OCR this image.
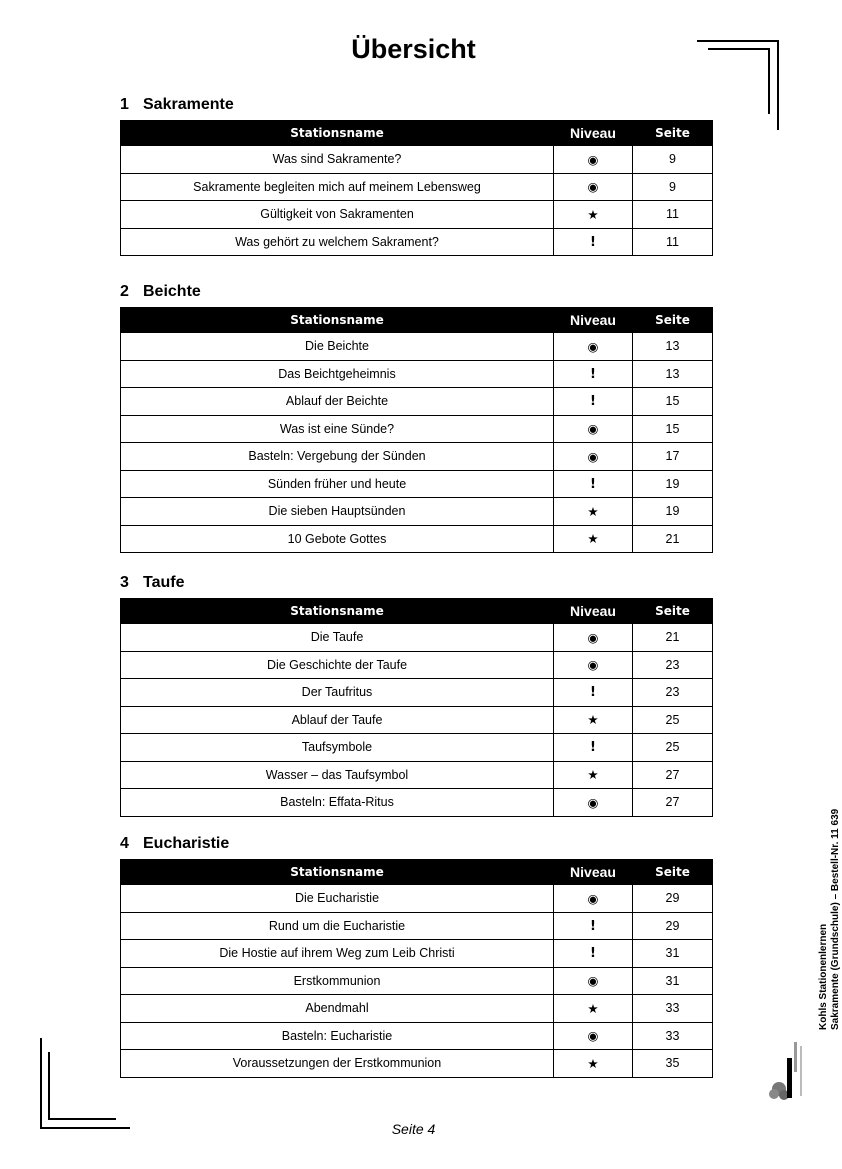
Übersicht
1 Sakramente
Stationsname	Niveau	Seite
Was sind Sakramente?	◉	9
Sakramente begleiten mich auf meinem Lebensweg	◉	9
Gültigkeit von Sakramenten	★	11
Was gehört zu welchem Sakrament?	!	11
2 Beichte
Stationsname	Niveau	Seite
Die Beichte	◉	13
Das Beichtgeheimnis	!	13
Ablauf der Beichte	!	15
Was ist eine Sünde?	◉	15
Basteln: Vergebung der Sünden	◉	17
Sünden früher und heute	!	19
Die sieben Hauptsünden	★	19
10 Gebote Gottes	★	21
3 Taufe
Stationsname	Niveau	Seite
Die Taufe	◉	21
Die Geschichte der Taufe	◉	23
Der Taufritus	!	23
Ablauf der Taufe	★	25
Taufsymbole	!	25
Wasser – das Taufsymbol	★	27
Basteln: Effata-Ritus	◉	27
4 Eucharistie
Stationsname	Niveau	Seite
Die Eucharistie	◉	29
Rund um die Eucharistie	!	29
Die Hostie auf ihrem Weg zum Leib Christi	!	31
Erstkommunion	◉	31
Abendmahl	★	33
Basteln: Eucharistie	◉	33
Voraussetzungen der Erstkommunion	★	35
Seite 4
Kohls Stationenlernen Sakramente (Grundschule) – Bestell-Nr. 11 639
